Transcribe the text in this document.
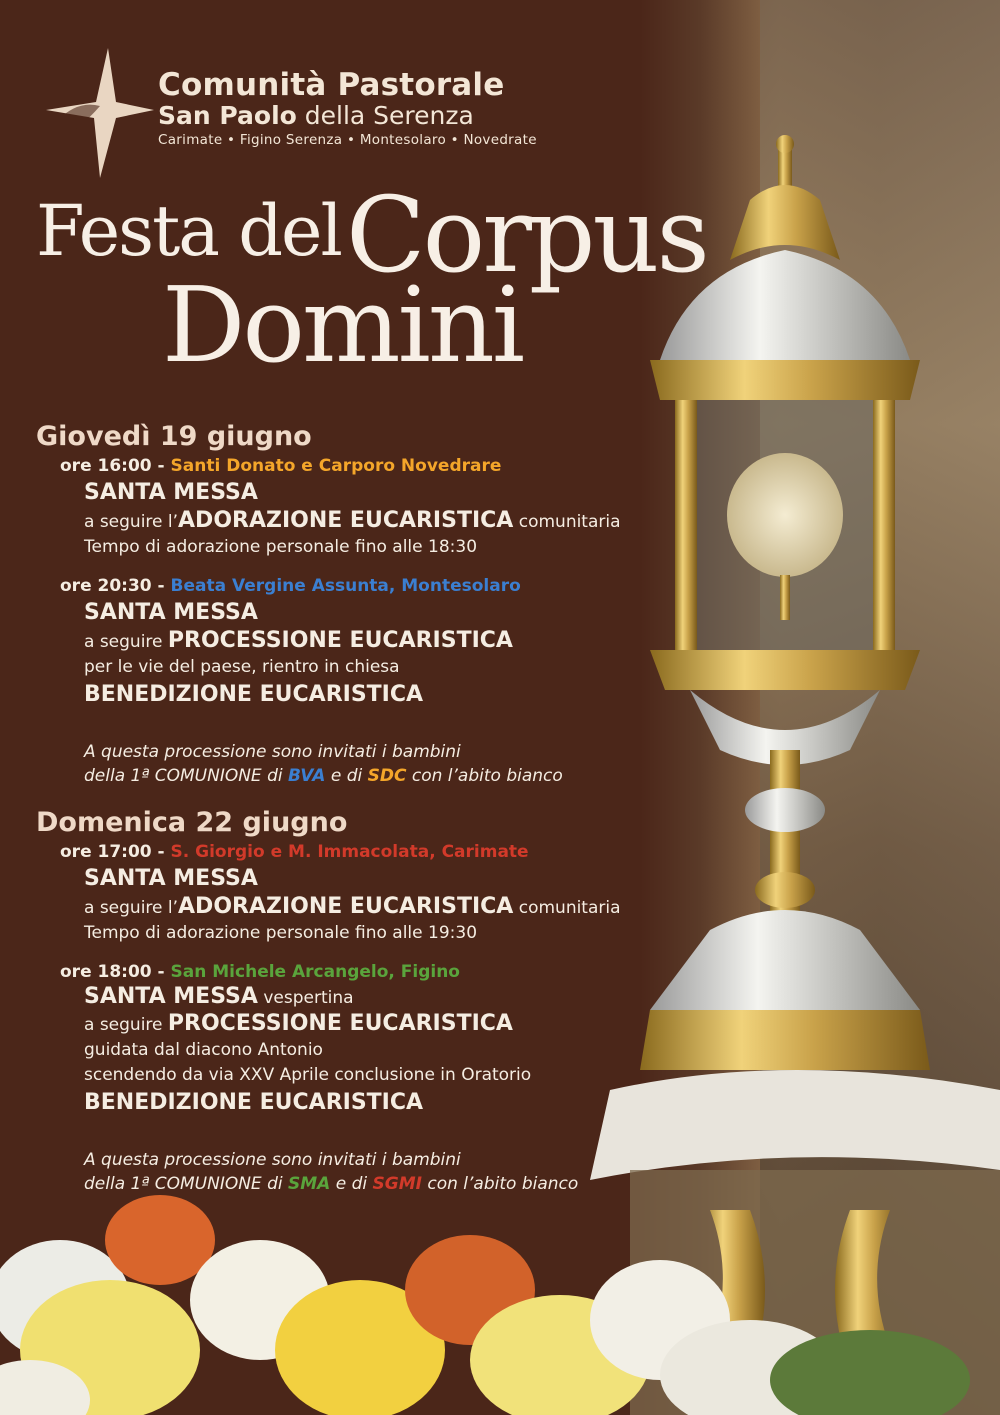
Comunità Pastorale
San Paolo della Serenza
Carimate • Figino Serenza • Montesolaro • Novedrate
Festa del Corpus
Domini
Giovedì 19 giugno
ore 16:00 - Santi Donato e Carporo Novedrare
SANTA MESSA
a seguire l’ADORAZIONE EUCARISTICA comunitaria
Tempo di adorazione personale fino alle 18:30
ore 20:30 - Beata Vergine Assunta, Montesolaro
SANTA MESSA
a seguire PROCESSIONE EUCARISTICA
per le vie del paese, rientro in chiesa
BENEDIZIONE EUCARISTICA
A questa processione sono invitati i bambini
della 1ª COMUNIONE di BVA e di SDC con l’abito bianco
Domenica 22 giugno
ore 17:00 - S. Giorgio e M. Immacolata, Carimate
SANTA MESSA
a seguire l’ADORAZIONE EUCARISTICA comunitaria
Tempo di adorazione personale fino alle 19:30
ore 18:00 - San Michele Arcangelo, Figino
SANTA MESSA vespertina
a seguire PROCESSIONE EUCARISTICA
guidata dal diacono Antonio
scendendo da via XXV Aprile conclusione in Oratorio
BENEDIZIONE EUCARISTICA
A questa processione sono invitati i bambini
della 1ª COMUNIONE di SMA e di SGMI con l’abito bianco
